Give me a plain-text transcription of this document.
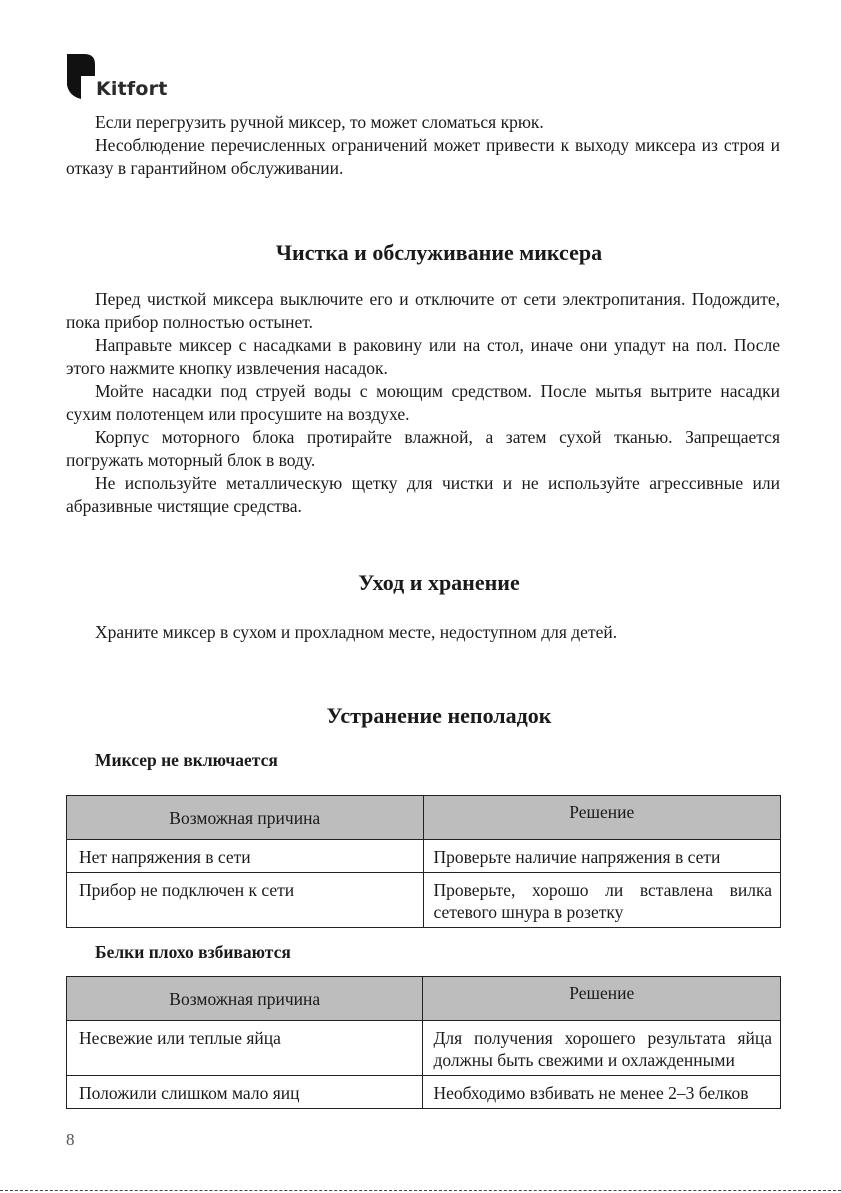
Kitfort

Если перегрузить ручной миксер, то может сломаться крюк.

Несоблюдение перечисленных ограничений может привести к выходу миксера из строя и отказу в гарантийном обслуживании.

Чистка и обслуживание миксера

Перед чисткой миксера выключите его и отключите от сети электропитания. Подождите, пока прибор полностью остынет.

Направьте миксер с насадками в раковину или на стол, иначе они упадут на пол. После этого нажмите кнопку извлечения насадок.

Мойте насадки под струей воды с моющим средством. После мытья вытрите насадки сухим полотенцем или просушите на воздухе.

Корпус моторного блока протирайте влажной, а затем сухой тканью. Запрещается погружать моторный блок в воду.

Не используйте металлическую щетку для чистки и не используйте агрессивные или абразивные чистящие средства.

Уход и хранение

Храните миксер в сухом и прохладном месте, недоступном для детей.

Устранение неполадок
Миксер не включается
Возможная причина	Решение
Нет напряжения в сети	Проверьте наличие напряжения в сети
Прибор не подключен к сети	Проверьте, хорошо ли вставлена вилка сетевого шнура в розетку
Белки плохо взбиваются
Возможная причина	Решение
Несвежие или теплые яйца	Для получения хорошего результата яйца должны быть свежими и охлажденными
Положили слишком мало яиц	Необходимо взбивать не менее 2–3 белков
8
